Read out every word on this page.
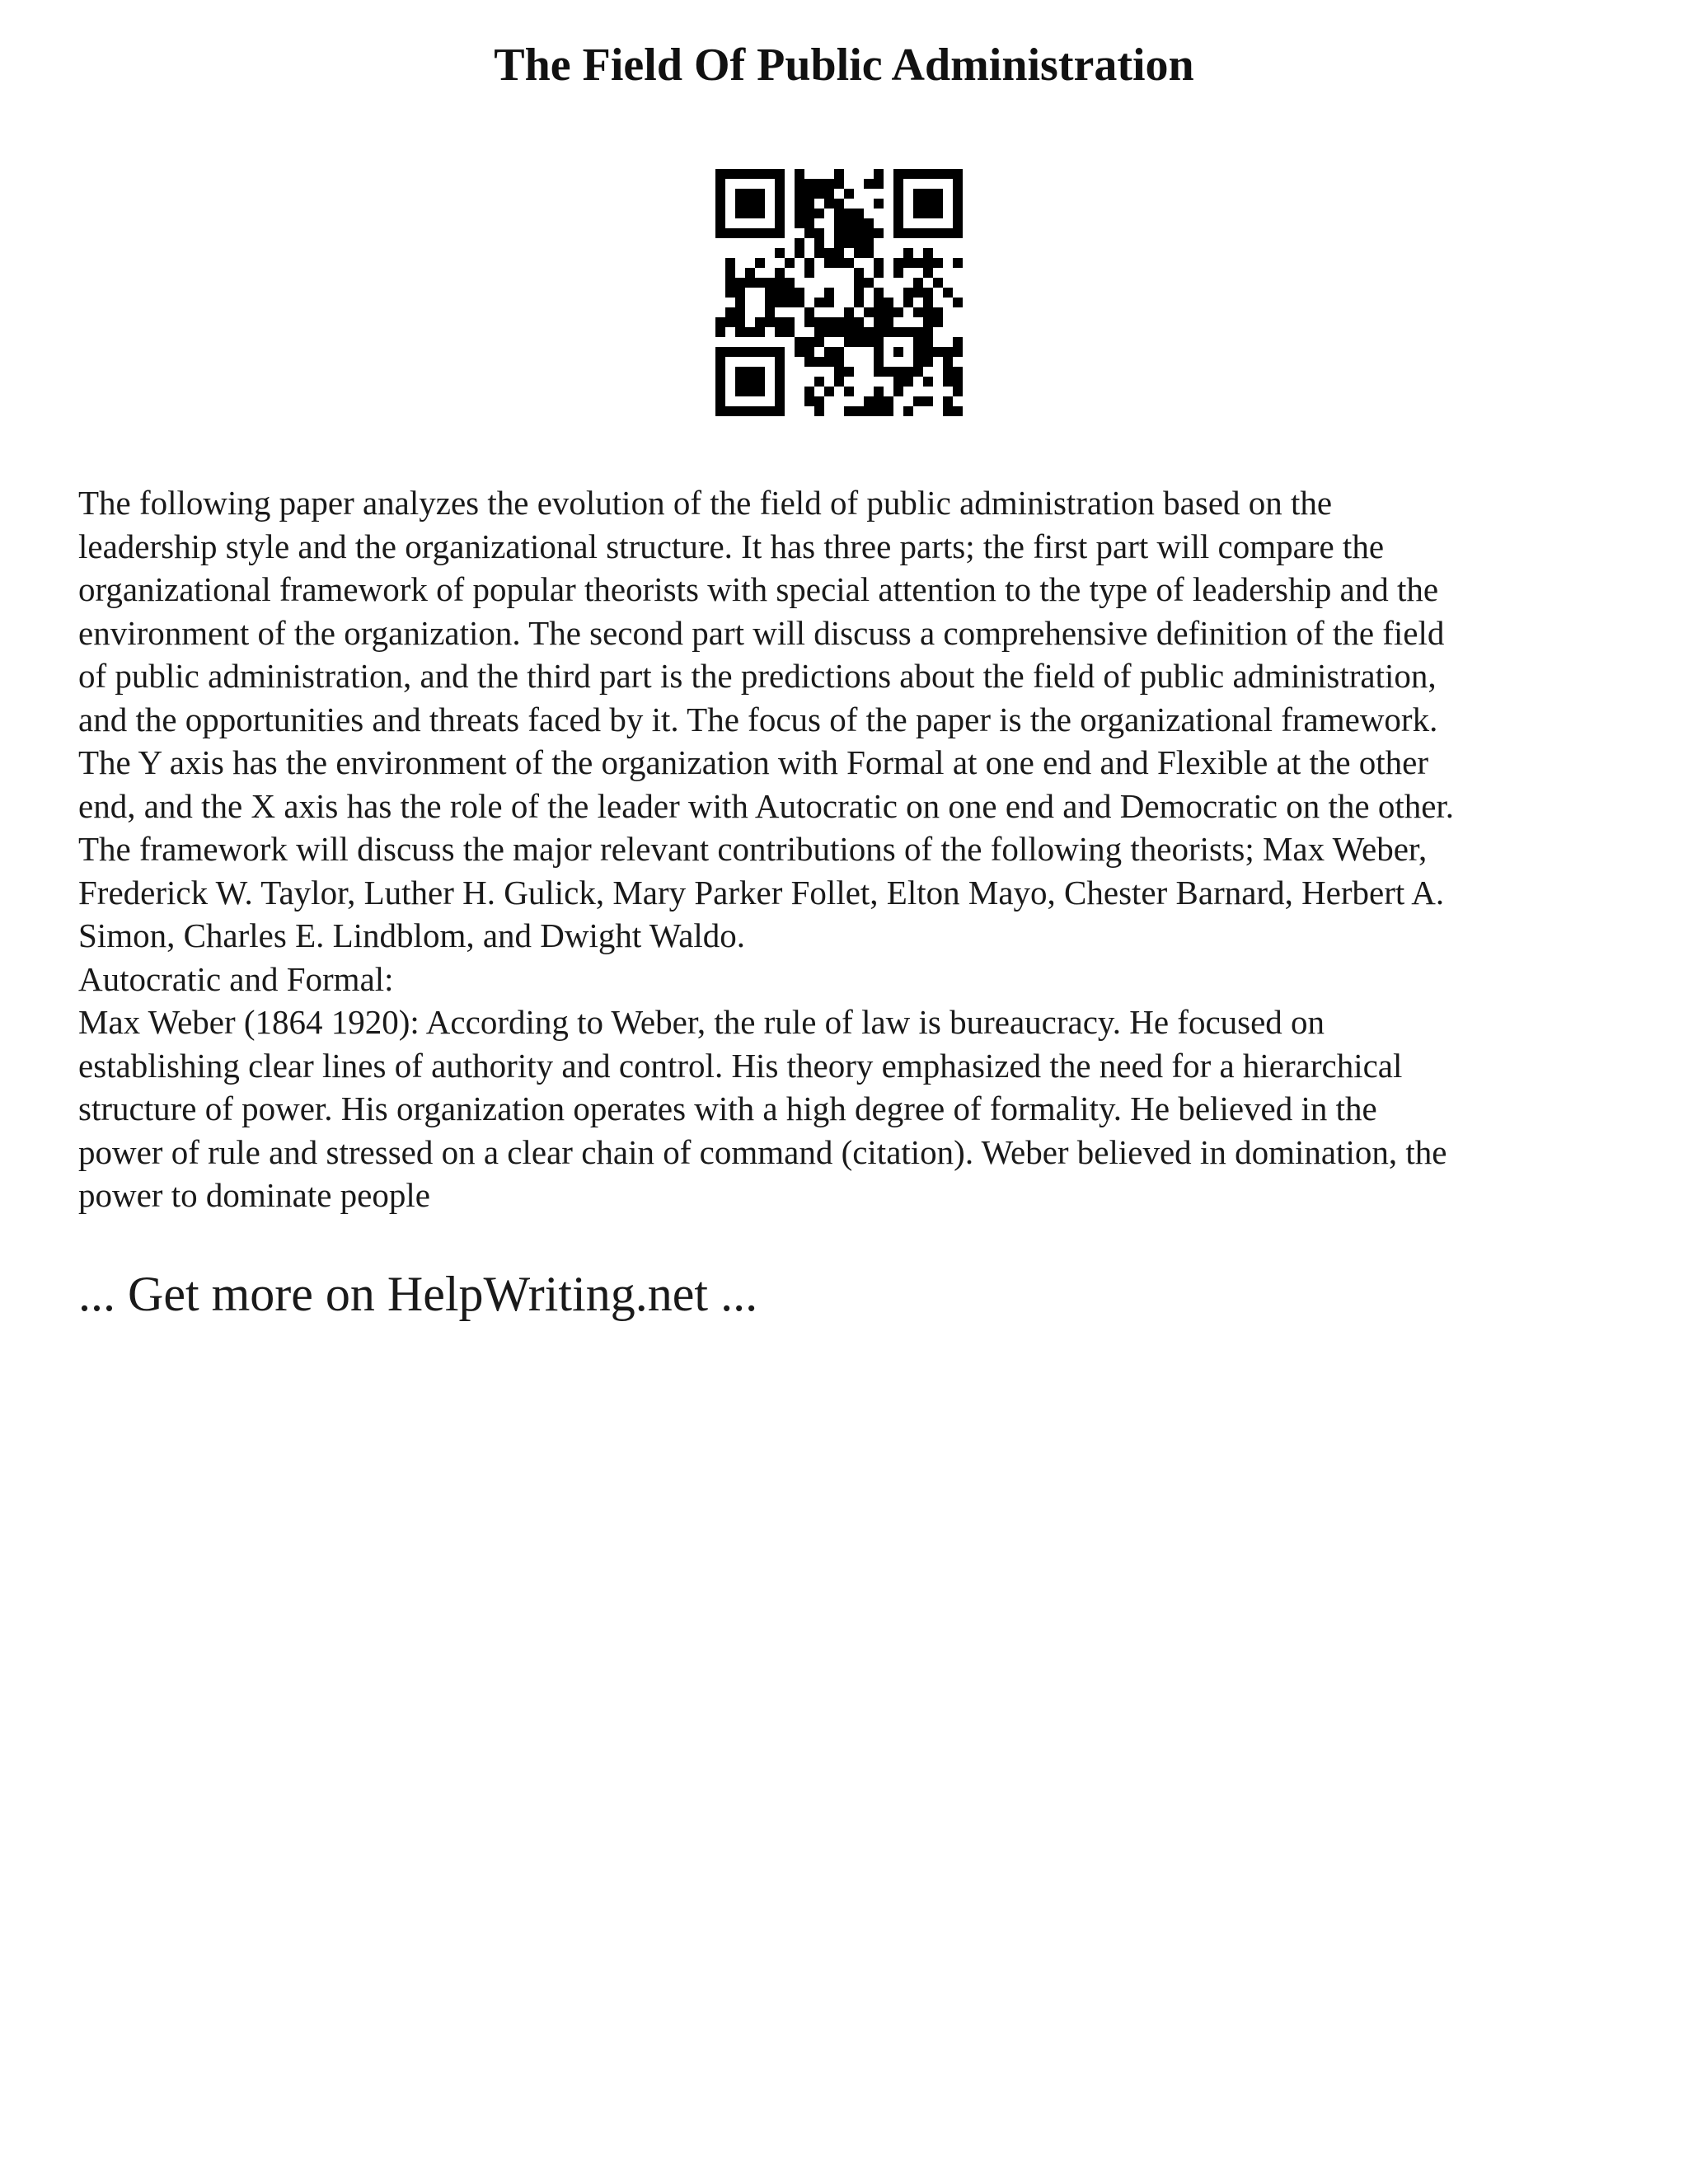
The Field Of Public Administration
The following paper analyzes the evolution of the field of public administration based on the
leadership style and the organizational structure. It has three parts; the first part will compare the
organizational framework of popular theorists with special attention to the type of leadership and the
environment of the organization. The second part will discuss a comprehensive definition of the field
of public administration, and the third part is the predictions about the field of public administration,
and the opportunities and threats faced by it. The focus of the paper is the organizational framework.
The Y axis has the environment of the organization with Formal at one end and Flexible at the other
end, and the X axis has the role of the leader with Autocratic on one end and Democratic on the other.
The framework will discuss the major relevant contributions of the following theorists; Max Weber,
Frederick W. Taylor, Luther H. Gulick, Mary Parker Follet, Elton Mayo, Chester Barnard, Herbert A.
Simon, Charles E. Lindblom, and Dwight Waldo.
Autocratic and Formal:
Max Weber (1864 1920): According to Weber, the rule of law is bureaucracy. He focused on
establishing clear lines of authority and control. His theory emphasized the need for a hierarchical
structure of power. His organization operates with a high degree of formality. He believed in the
power of rule and stressed on a clear chain of command (citation). Weber believed in domination, the
power to dominate people
... Get more on HelpWriting.net ...
